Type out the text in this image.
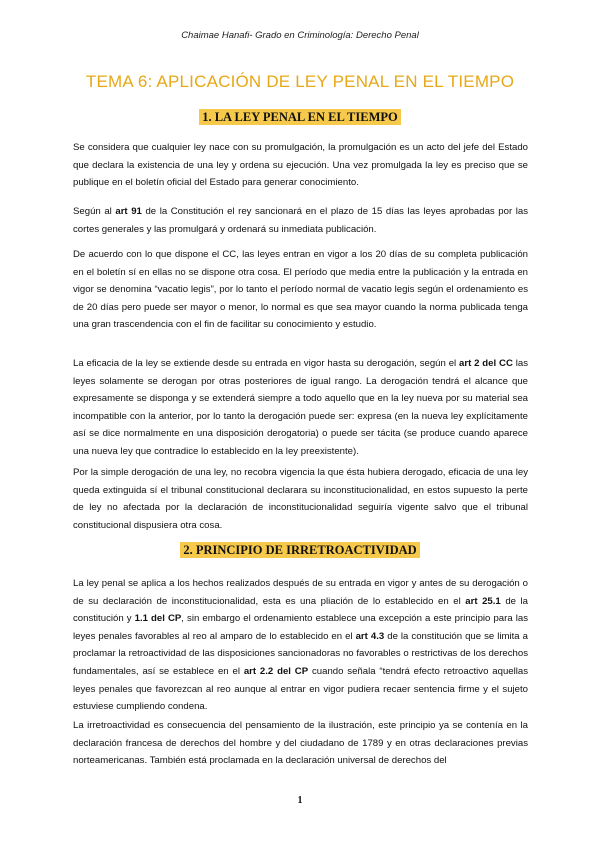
Chaimae Hanafi- Grado en Criminología: Derecho Penal
TEMA 6: APLICACIÓN DE LEY PENAL EN EL TIEMPO
1. LA LEY PENAL EN EL TIEMPO

Se considera que cualquier ley nace con su promulgación, la promulgación es un acto del jefe del Estado que declara la existencia de una ley y ordena su ejecución. Una vez promulgada la ley es preciso que se publique en el boletín oficial del Estado para generar conocimiento.

Según al art 91 de la Constitución el rey sancionará en el plazo de 15 días las leyes aprobadas por las cortes generales y las promulgará y ordenará su inmediata publicación.

De acuerdo con lo que dispone el CC, las leyes entran en vigor a los 20 días de su completa publicación en el boletín sí en ellas no se dispone otra cosa. El período que media entre la publicación y la entrada en vigor se denomina “vacatio legis”, por lo tanto el período normal de vacatio legis según el ordenamiento es de 20 días pero puede ser mayor o menor, lo normal es que sea mayor cuando la norma publicada tenga una gran trascendencia con el fin de facilitar su conocimiento y estudio.

La eficacia de la ley se extiende desde su entrada en vigor hasta su derogación, según el art 2 del CC las leyes solamente se derogan por otras posteriores de igual rango. La derogación tendrá el alcance que expresamente se disponga y se extenderá siempre a todo aquello que en la ley nueva por su material sea incompatible con la anterior, por lo tanto la derogación puede ser: expresa (en la nueva ley explícitamente así se dice normalmente en una disposición derogatoria) o puede ser tácita (se produce cuando aparece una nueva ley que contradice lo establecido en la ley preexistente).

Por la simple derogación de una ley, no recobra vigencia la que ésta hubiera derogado, eficacia de una ley queda extinguida sí el tribunal constitucional declarara su inconstitucionalidad, en estos supuesto la perte de ley no afectada por la declaración de inconstitucionalidad seguiría vigente salvo que el tribunal constitucional dispusiera otra cosa.

2. PRINCIPIO DE IRRETROACTIVIDAD

La ley penal se aplica a los hechos realizados después de su entrada en vigor y antes de su derogación o de su declaración de inconstitucionalidad, esta es una pliación de lo establecido en el art 25.1 de la constitución y 1.1 del CP, sin embargo el ordenamiento establece una excepción a este principio para las leyes penales favorables al reo al amparo de lo establecido en el art 4.3 de la constitución que se limita a proclamar la retroactividad de las disposiciones sancionadoras no favorables o restrictivas de los derechos fundamentales, así se establece en el art 2.2 del CP cuando señala “tendrá efecto retroactivo aquellas leyes penales que favorezcan al reo aunque al entrar en vigor pudiera recaer sentencia firme y el sujeto estuviese cumpliendo condena.

La irretroactividad es consecuencia del pensamiento de la ilustración, este principio ya se contenía en la declaración francesa de derechos del hombre y del ciudadano de 1789 y en otras declaraciones previas norteamericanas. También está proclamada en la declaración universal de derechos del

1
